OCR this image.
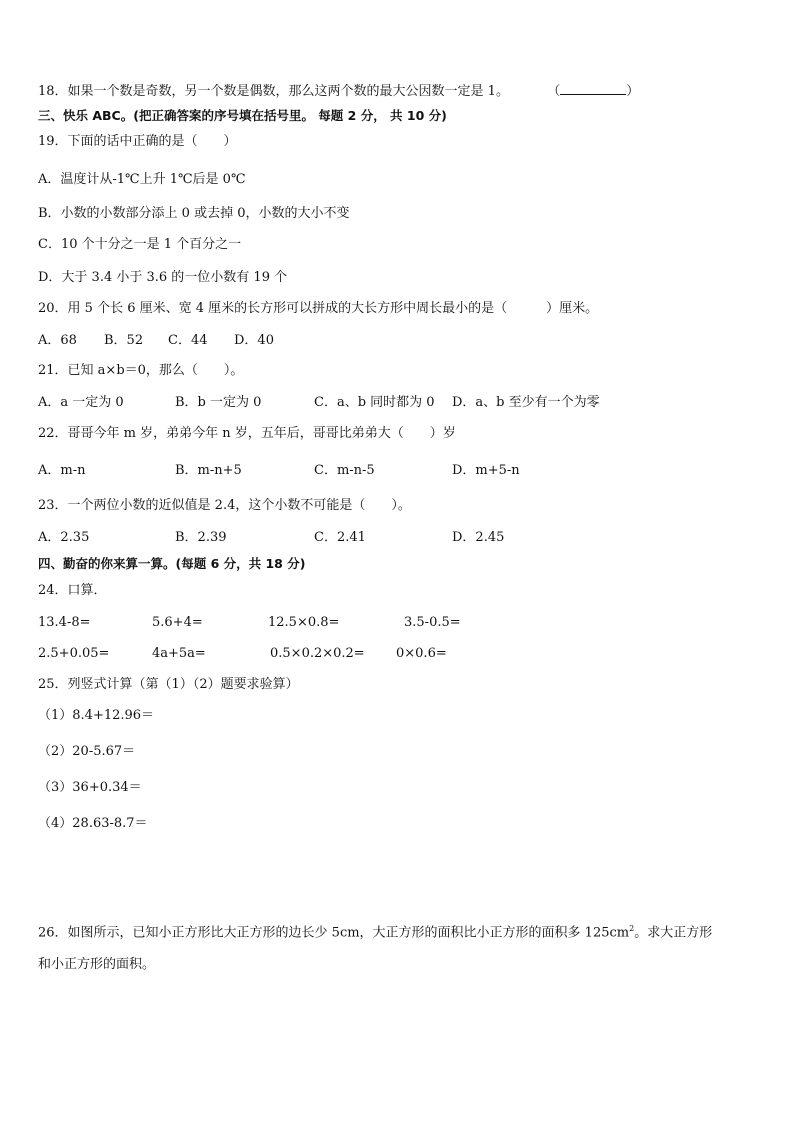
18．如果一个数是奇数，另一个数是偶数，那么这两个数的最大公因数一定是 1。	（	）
三、快乐 ABC。(把正确答案的序号填在括号里。 每题 2 分， 共 10 分)
19．下面的话中正确的是（　　）
A．温度计从-1℃上升 1℃后是 0℃
B．小数的小数部分添上 0 或去掉 0，小数的大小不变
C．10 个十分之一是 1 个百分之一
D．大于 3.4 小于 3.6 的一位小数有 19 个
20．用 5 个长 6 厘米、宽 4 厘米的长方形可以拼成的大长方形中周长最小的是（　　　）厘米。
A．68 B．52 C．44 D．40
21．已知 a×b＝0，那么（　　）。
A．a 一定为 0	B．b 一定为 0	C．a、b 同时都为 0 D．a、b 至少有一个为零
22．哥哥今年 m 岁，弟弟今年 n 岁，五年后，哥哥比弟弟大（　　）岁
A．m-n	B．m-n+5	C．m-n-5	D．m+5-n
23．一个两位小数的近似值是 2.4，这个小数不可能是（　　）。
A．2.35	B．2.39	C．2.41	D．2.45
四、勤奋的你来算一算。(每题 6 分，共 18 分)
24．口算．
13.4-8=	5.6+4=	12.5×0.8=	3.5-0.5=
2.5+0.05=	4a+5a=	0.5×0.2×0.2= 0×0.6=
25．列竖式计算（第（1）（2）题要求验算）
（1）8.4+12.96＝
（2）20-5.67＝
（3）36+0.34＝
（4）28.63-8.7＝
26．如图所示，已知小正方形比大正方形的边长少 5cm，大正方形的面积比小正方形的面积多 $125cm^2$。求大正方形
和小正方形的面积。
